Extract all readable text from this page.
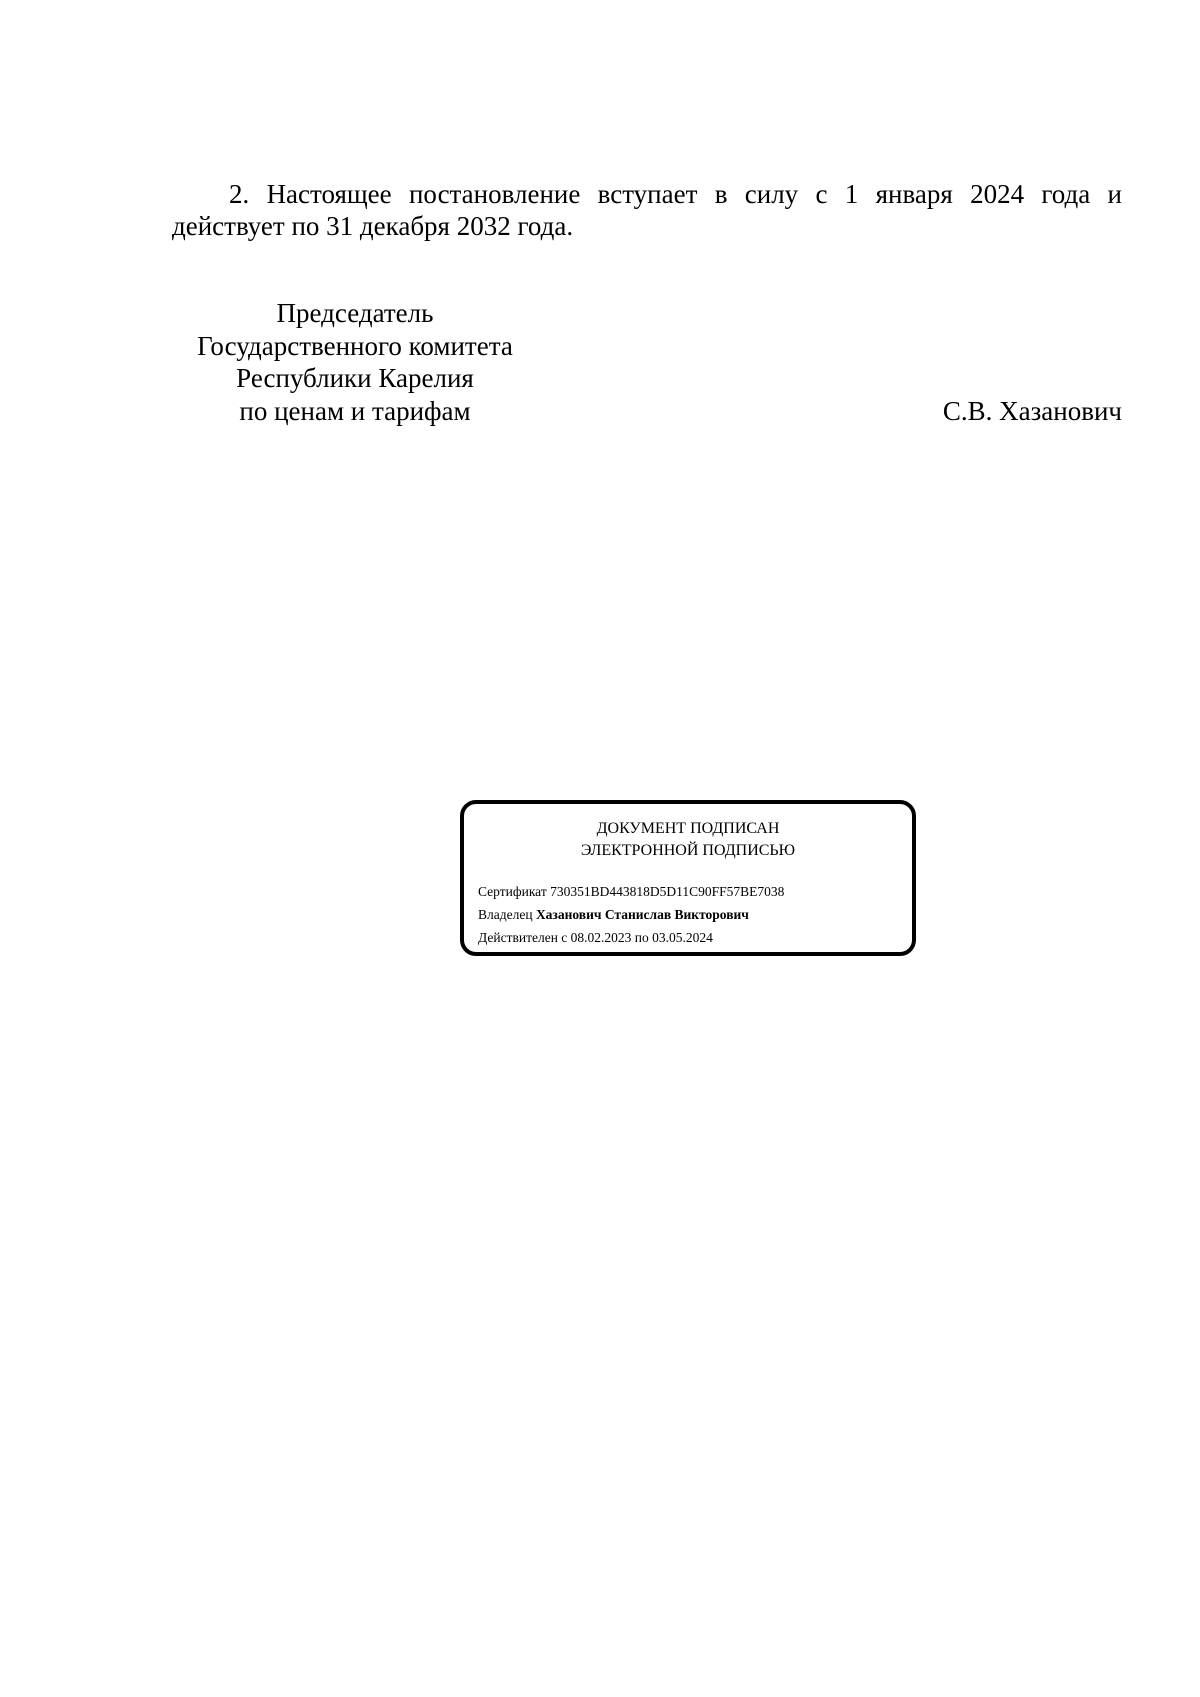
2. Настоящее постановление вступает в силу с 1 января 2024 года и
действует по 31 декабря 2032 года.

Председатель
Государственного комитета
Республики Карелия
по ценам и тарифам	С.В. Хазанович
ДОКУМЕНТ ПОДПИСАН
ЭЛЕКТРОННОЙ ПОДПИСЬЮ
Сертификат 730351BD443818D5D11C90FF57BE7038
Владелец Хазанович Станислав Викторович
Действителен с 08.02.2023 по 03.05.2024
